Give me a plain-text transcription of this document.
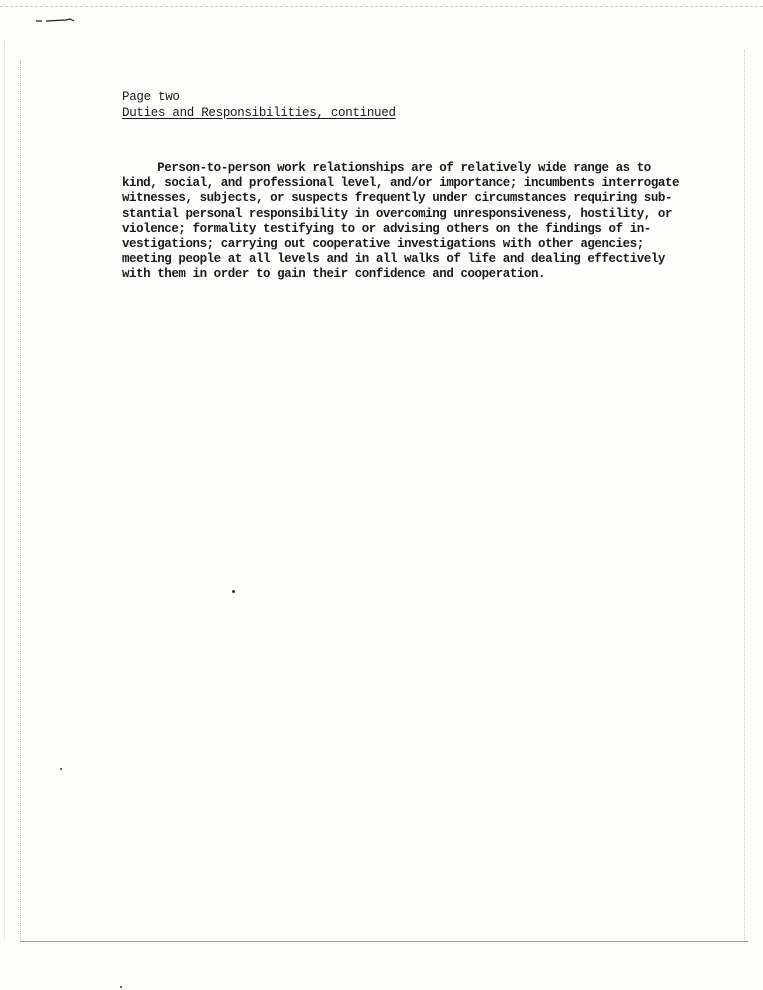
Page two
Duties and Responsibilities, continued
Person-to-person work relationships are of relatively wide range as to
kind, social, and professional level, and/or importance; incumbents interrogate
witnesses, subjects, or suspects frequently under circumstances requiring sub-
stantial personal responsibility in overcoming unresponsiveness, hostility, or
violence; formality testifying to or advising others on the findings of in-
vestigations; carrying out cooperative investigations with other agencies;
meeting people at all levels and in all walks of life and dealing effectively
with them in order to gain their confidence and cooperation.
